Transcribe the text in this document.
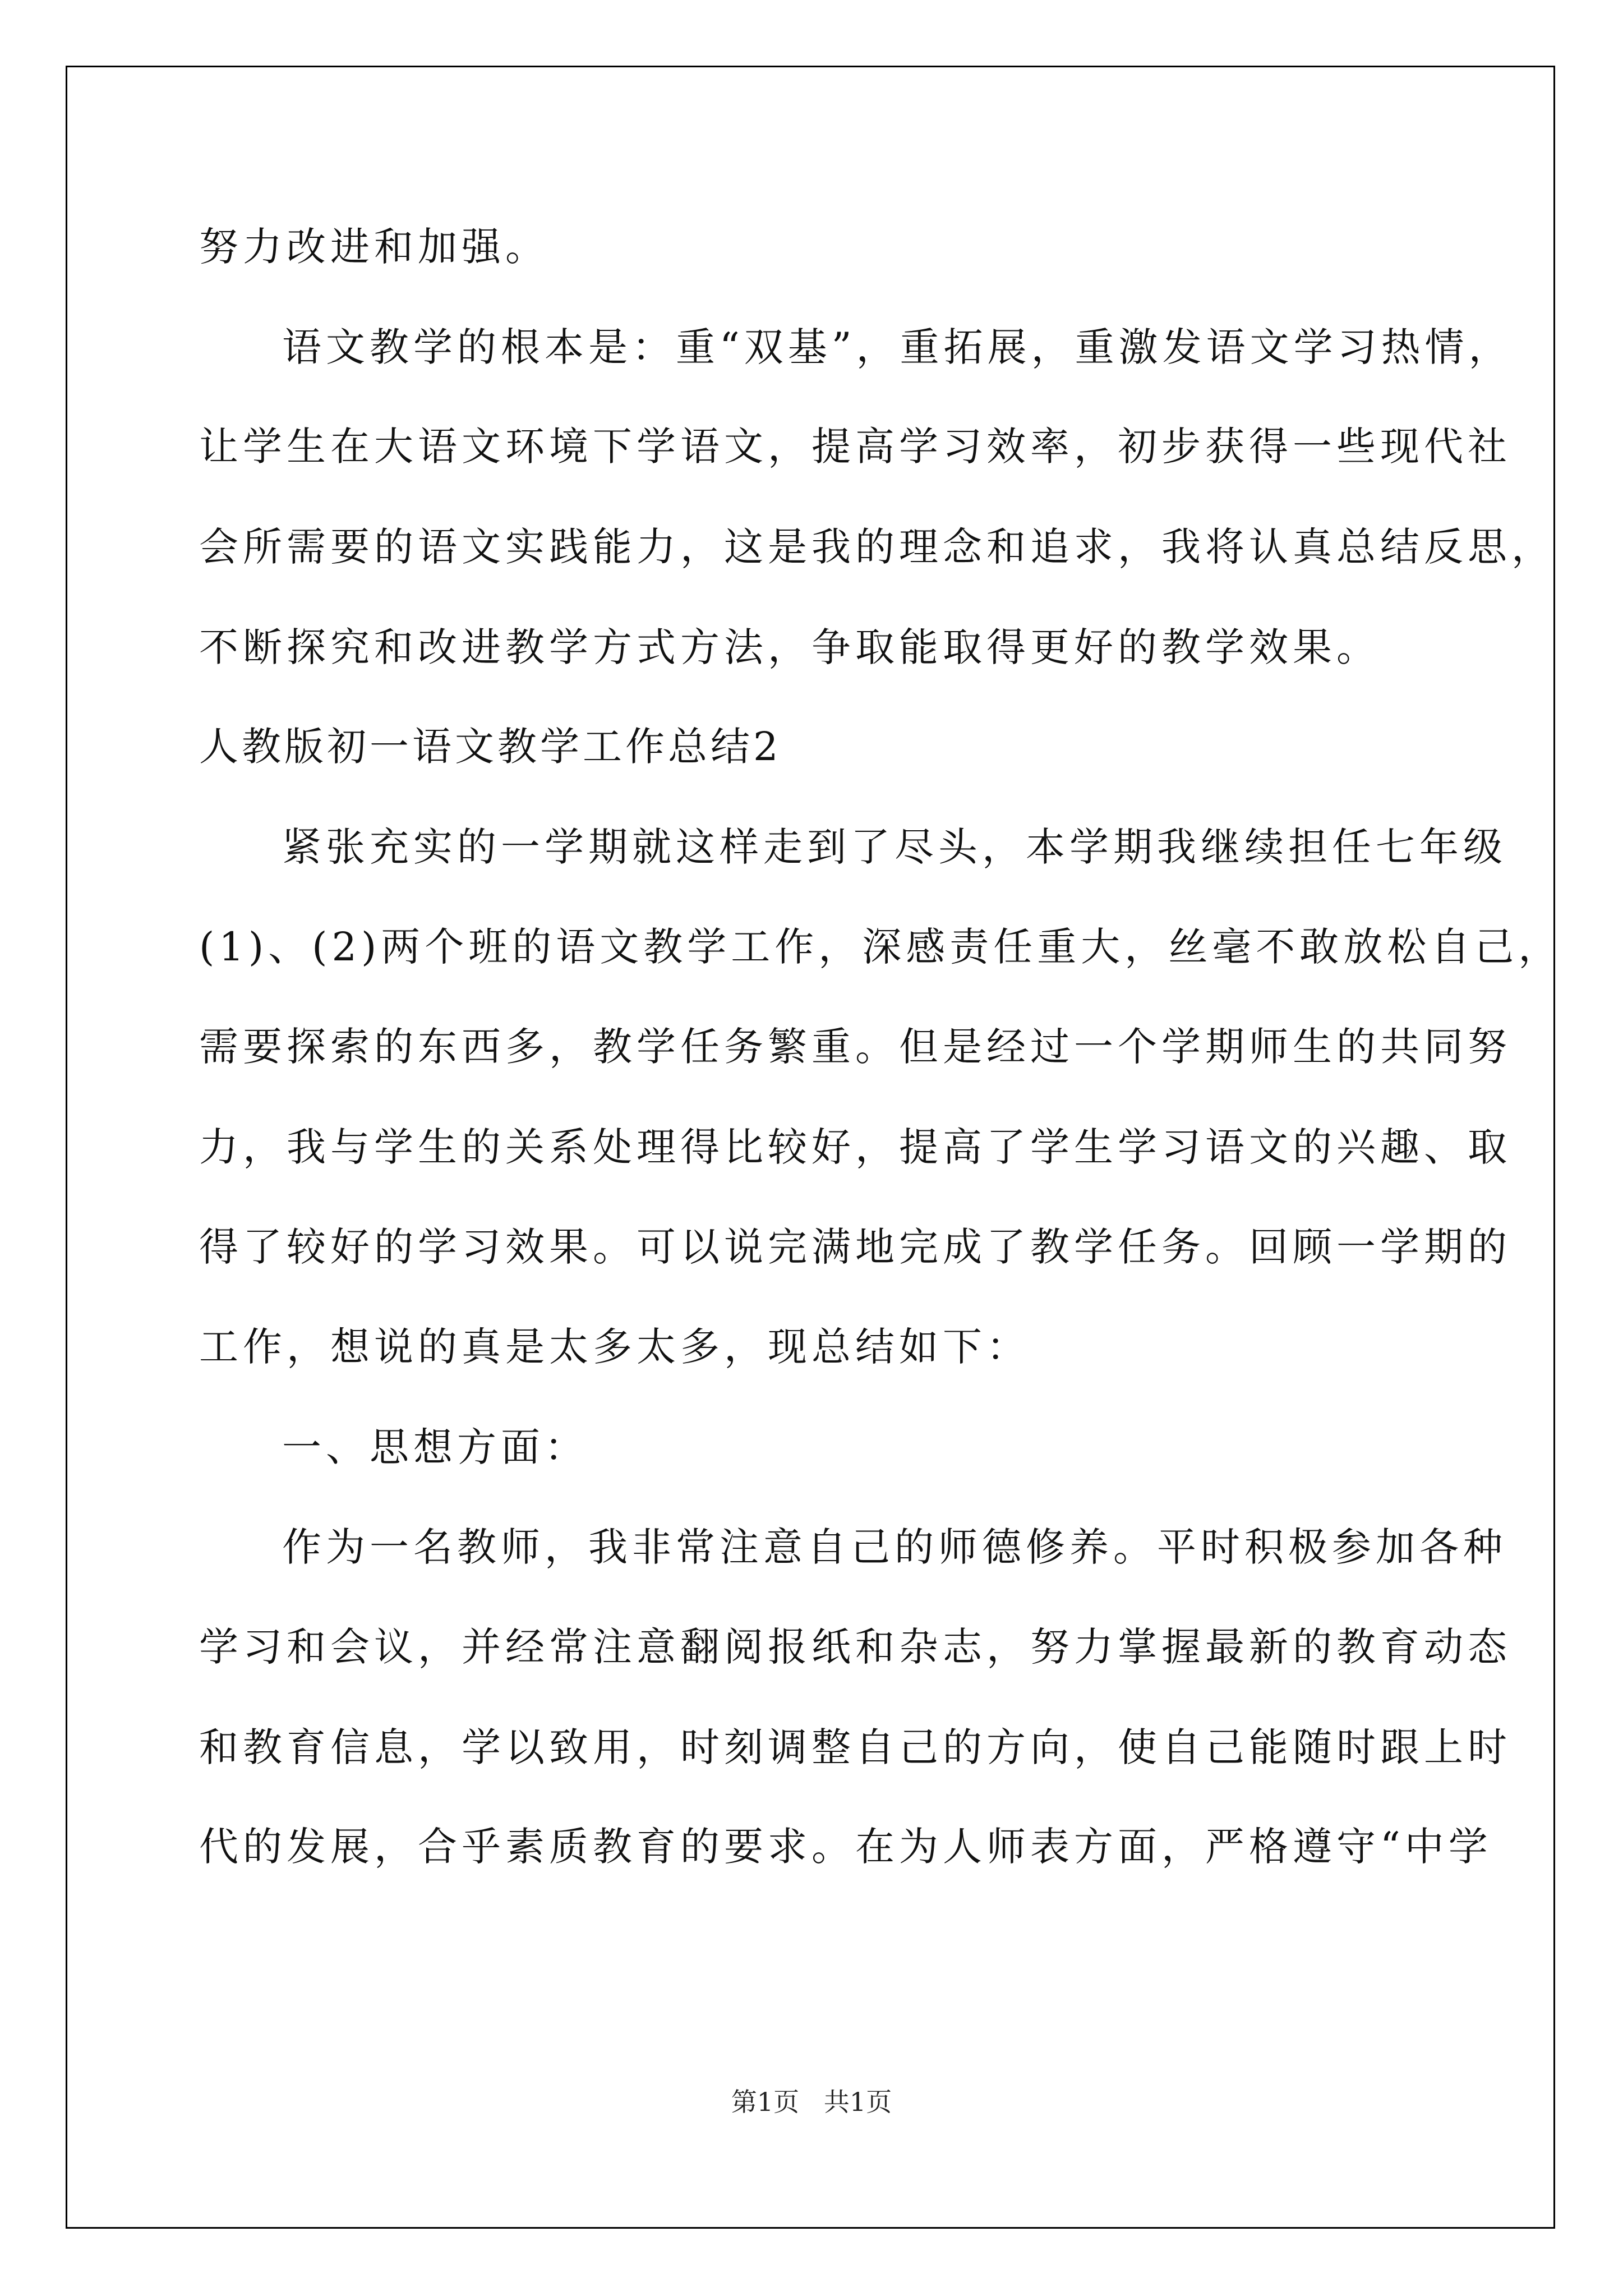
努力改进和加强。
语文教学的根本是：重“双基”，重拓展，重激发语文学习热情，
让学生在大语文环境下学语文，提高学习效率，初步获得一些现代社
会所需要的语文实践能力，这是我的理念和追求，我将认真总结反思，
不断探究和改进教学方式方法，争取能取得更好的教学效果。
人教版初一语文教学工作总结2
紧张充实的一学期就这样走到了尽头，本学期我继续担任七年级
(1)、(2)两个班的语文教学工作，深感责任重大，丝毫不敢放松自己，
需要探索的东西多，教学任务繁重。但是经过一个学期师生的共同努
力，我与学生的关系处理得比较好，提高了学生学习语文的兴趣、取
得了较好的学习效果。可以说完满地完成了教学任务。回顾一学期的
工作，想说的真是太多太多，现总结如下：
一、思想方面：
作为一名教师，我非常注意自己的师德修养。平时积极参加各种
学习和会议，并经常注意翻阅报纸和杂志，努力掌握最新的教育动态
和教育信息，学以致用，时刻调整自己的方向，使自己能随时跟上时
代的发展，合乎素质教育的要求。在为人师表方面，严格遵守“中学
第1页   共1页
